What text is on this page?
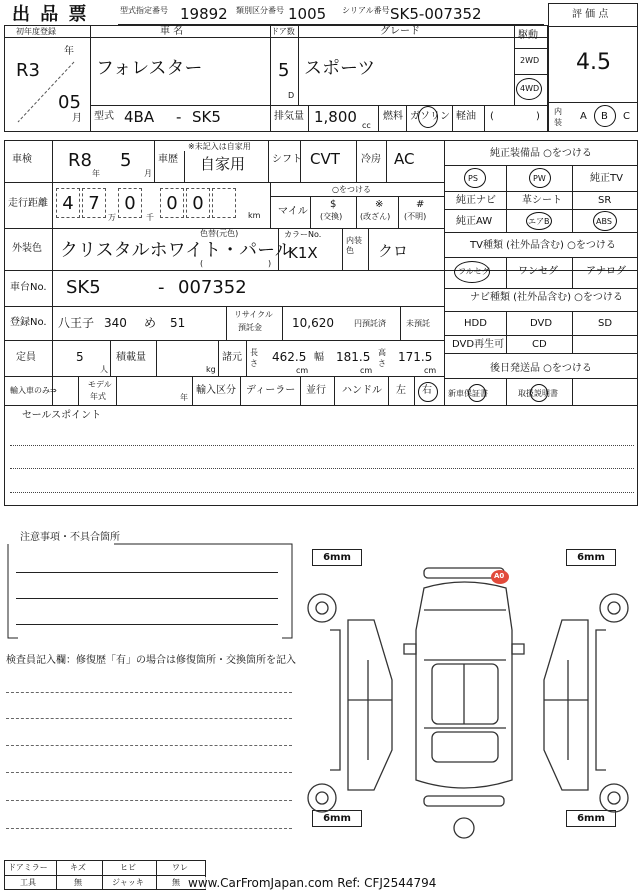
出 品 票	型式指定番号 19892 類別区分番号 1005 シリアル番号 SK5-007352	評 価 点
4.5
内装
A B C
初年度登録
R3
年
05
月
車 名
フォレスター
ドア数
5
D
グレード
スポーツ
駆動
2WD
4WD
型式 4BA - SK5	排気量 1,800 cc
燃料 ガソリン 軽油 (	)
車検 R8 5
年	月
車歴
※未記入は自家用
自家用	シフト CVT 冷房 AC	純正装備品 ○をつける
PS	PW	純正TV
純正ナビ	革シート	SR
純正AW	エアB	ABS
走行距離 4 7
万
0
千
0 0
km
○をつける
マイル
$
(交換)
※
(改ざん)
#
(不明)
外装色
色替(元色)
クリスタルホワイト・パール
(	)
カラーNo.
K1X
内装色	クロ	TV種類 (社外品含む) ○をつける
フルセグ	ワンセグ	アナログ
車台No. SK5	- 007352	ナビ種類 (社外品含む) ○をつける
HDD	DVD	SD
DVD再生可	CD
登録No. 八王子 340 め 51
リサイクル
預託金	10,620	円預託済	未預託
定員	5
人
積載量
kg
諸元 長さ 462.5
cm
幅 181.5
cm
高さ 171.5
cm	後日発送品 ○をつける
新車保証書	取扱説明書
輸入車のみ⇒
モデル
年式	年
輸入区分 ディーラー 並行 ハンドル 左 右
セールスポイント
注意事項・不具合箇所
検査員記入欄：修復歴「有」の場合は修復箇所・交換箇所を記入
6mm	6mm
6mm	6mm
A0
ドアミラー	キズ	ヒビ	ワレ
工具	無	ジャッキ	無 www.CarFromJapan.com Ref: CFJ2544794
